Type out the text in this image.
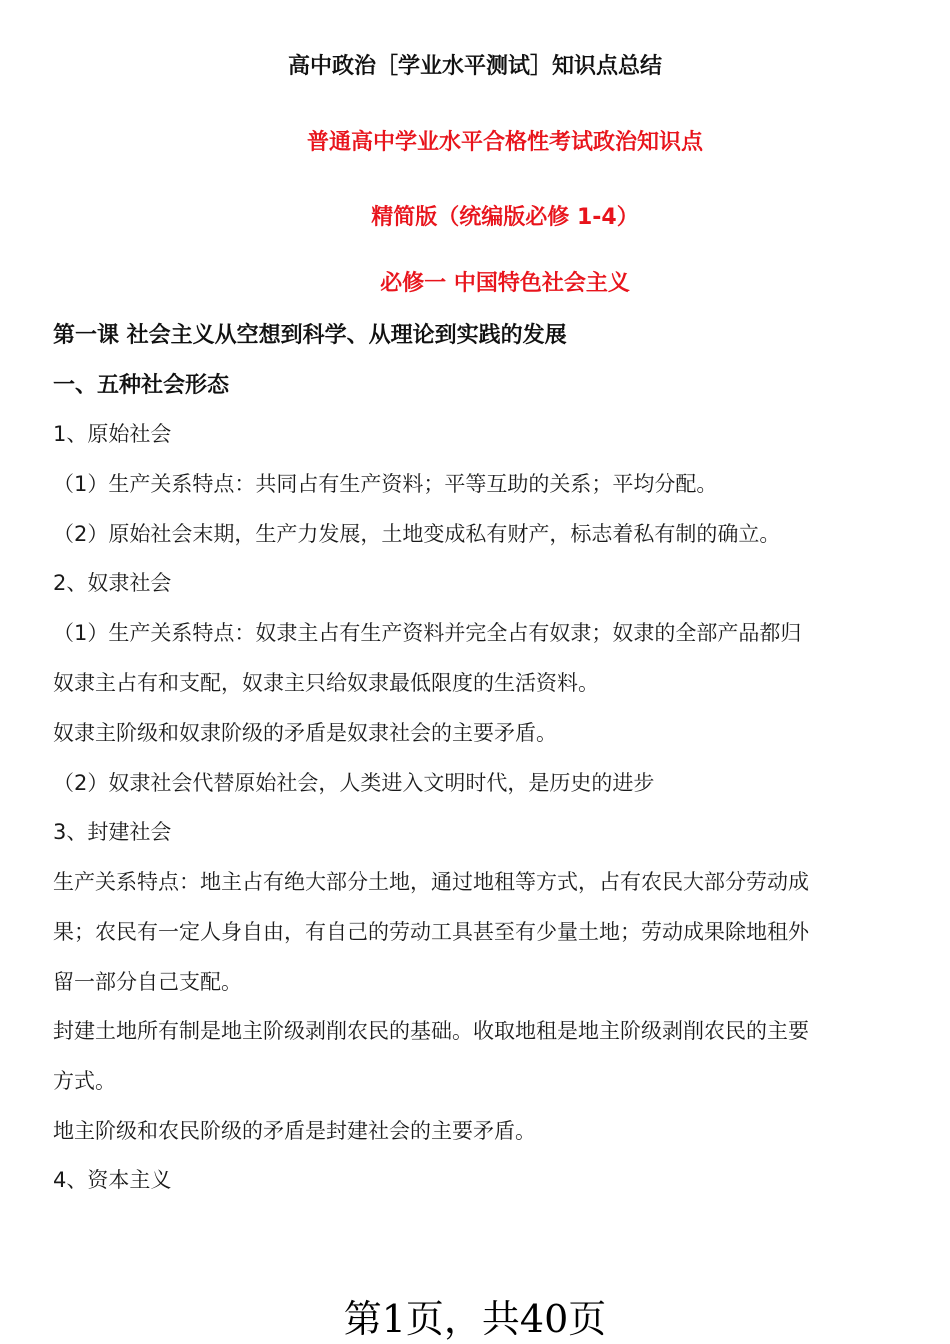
高中政治［学业水平测试］知识点总结
普通高中学业水平合格性考试政治知识点
精简版（统编版必修 1-4）
必修一 中国特色社会主义
第一课 社会主义从空想到科学、从理论到实践的发展
一、五种社会形态
1、原始社会
（1）生产关系特点：共同占有生产资料；平等互助的关系；平均分配。
（2）原始社会末期，生产力发展，土地变成私有财产，标志着私有制的确立。
2、奴隶社会
（1）生产关系特点：奴隶主占有生产资料并完全占有奴隶；奴隶的全部产品都归
奴隶主占有和支配，奴隶主只给奴隶最低限度的生活资料。
奴隶主阶级和奴隶阶级的矛盾是奴隶社会的主要矛盾。
（2）奴隶社会代替原始社会，人类进入文明时代，是历史的进步
3、封建社会
生产关系特点：地主占有绝大部分土地，通过地租等方式，占有农民大部分劳动成
果；农民有一定人身自由，有自己的劳动工具甚至有少量土地；劳动成果除地租外
留一部分自己支配。
封建土地所有制是地主阶级剥削农民的基础。收取地租是地主阶级剥削农民的主要
方式。
地主阶级和农民阶级的矛盾是封建社会的主要矛盾。
4、资本主义
第1页，共40页
